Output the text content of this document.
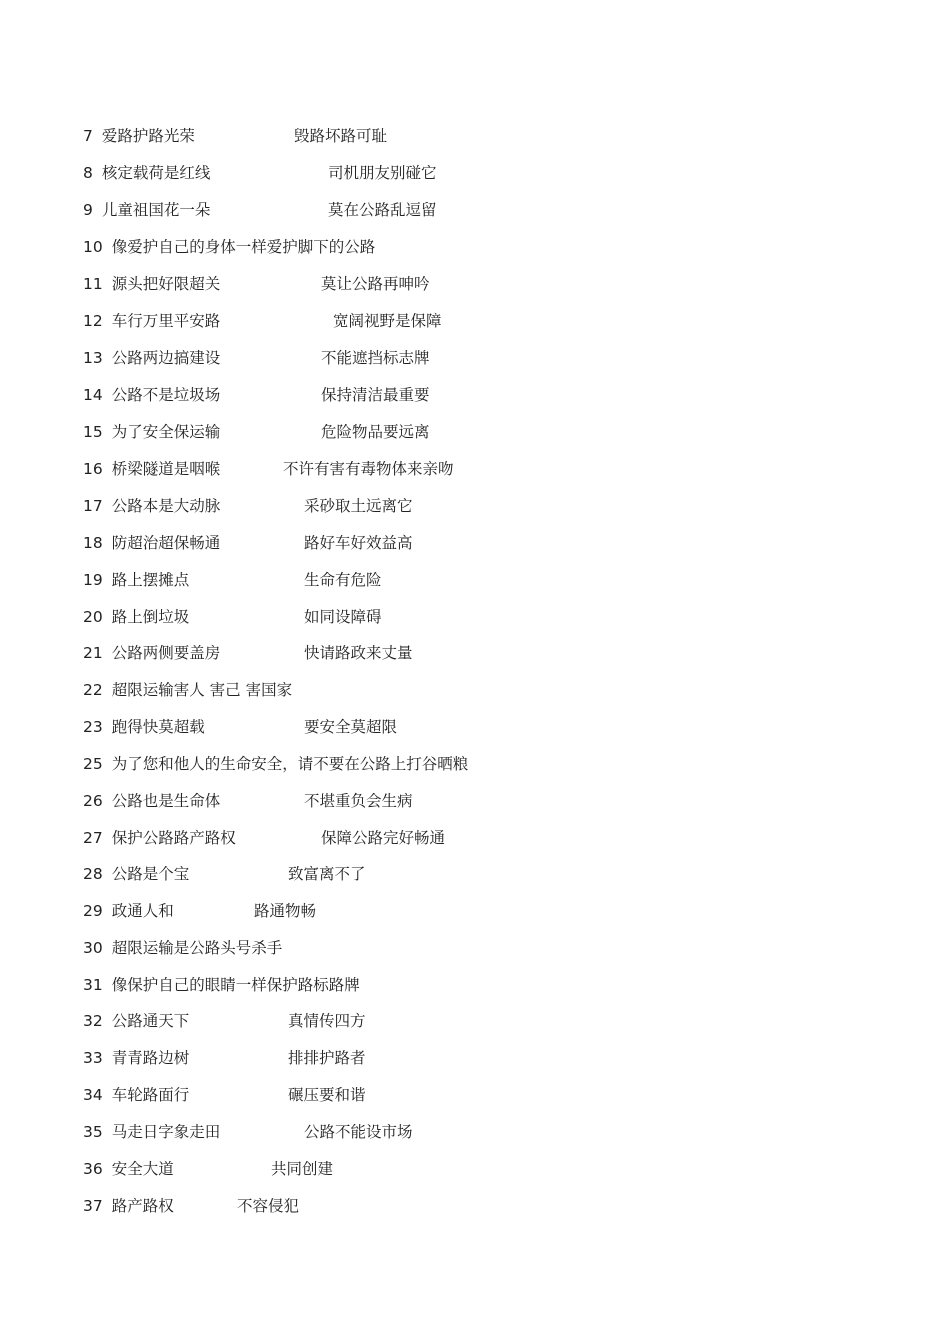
7 爱路护路光荣	毁路坏路可耻
8 核定载荷是红线	司机朋友别碰它
9 儿童祖国花一朵	莫在公路乱逗留
10 像爱护自己的身体一样爱护脚下的公路
11 源头把好限超关	莫让公路再呻吟
12 车行万里平安路	宽阔视野是保障
13 公路两边搞建设	不能遮挡标志牌
14 公路不是垃圾场	保持清洁最重要
15 为了安全保运输	危险物品要远离
16 桥梁隧道是咽喉	不许有害有毒物体来亲吻
17 公路本是大动脉	采砂取土远离它
18 防超治超保畅通	路好车好效益高
19 路上摆摊点	生命有危险
20 路上倒垃圾	如同设障碍
21 公路两侧要盖房	快请路政来丈量
22 超限运输害人 害己 害国家
23 跑得快莫超载	要安全莫超限
25 为了您和他人的生命安全，请不要在公路上打谷晒粮
26 公路也是生命体	不堪重负会生病
27 保护公路路产路权	保障公路完好畅通
28 公路是个宝	致富离不了
29 政通人和	路通物畅
30 超限运输是公路头号杀手
31 像保护自己的眼睛一样保护路标路牌
32 公路通天下	真情传四方
33 青青路边树	排排护路者
34 车轮路面行	碾压要和谐
35 马走日字象走田	公路不能设市场
36 安全大道	共同创建
37 路产路权	不容侵犯
